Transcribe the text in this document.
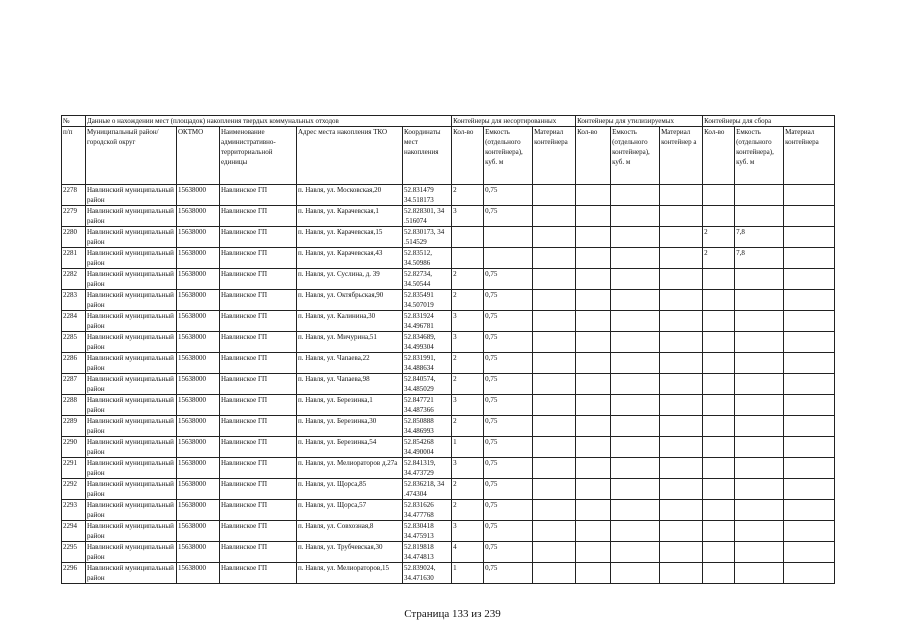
№	Данные о нахождении мест (площадок) накопления твердых коммунальных отходов					Контейнеры для несортированных			Контейнеры для утилизируемых			Контейнеры для сбора		
п/п	Муниципальный район/городской округ	ОКТМО	Наименование административно-территориальной единицы	Адрес места накопления ТКО	Координаты мест накопления	Кол-во	Емкость (отдельного контейнера), куб. м	Материал контейнера	Кол-во	Емкость (отдельного контейнера), куб. м	Материал контейнер а	Кол-во	Емкость (отдельного контейнера), куб. м	Материал контейнера
2278	Навлинский муниципальный район	15638000	Навлинское ГП	п. Навля, ул. Московская,20	52.831479 34.518173	2	0,75							
2279	Навлинский муниципальный район	15638000	Навлинское ГП	п. Навля, ул. Карачевская,1	52.828301, 34 .516074	3	0,75							
2280	Навлинский муниципальный район	15638000	Навлинское ГП	п. Навля, ул. Карачевская,15	52.830173, 34 .514529							2	7,8	
2281	Навлинский муниципальный район	15638000	Навлинское ГП	п. Навля, ул. Карачевская,43	52.83512, 34.50986							2	7,8	
2282	Навлинский муниципальный район	15638000	Навлинское ГП	п. Навля, ул. Суслина, д. 39	52.82734, 34.50544	2	0,75							
2283	Навлинский муниципальный район	15638000	Навлинское ГП	п. Навля, ул. Октябрьская,90	52.835491 34.507019	2	0,75							
2284	Навлинский муниципальный район	15638000	Навлинское ГП	п. Навля, ул. Калинина,30	52.831924 34.496781	3	0,75							
2285	Навлинский муниципальный район	15638000	Навлинское ГП	п. Навля, ул. Мичурина,51	52.834689, 34.499304	3	0,75							
2286	Навлинский муниципальный район	15638000	Навлинское ГП	п. Навля, ул. Чапаева,22	52.831991, 34.488634	2	0,75							
2287	Навлинский муниципальный район	15638000	Навлинское ГП	п. Навля, ул. Чапаева,98	52.840574, 34.485029	2	0,75							
2288	Навлинский муниципальный район	15638000	Навлинское ГП	п. Навля, ул. Березинка,1	52.847721 34.487366	3	0,75							
2289	Навлинский муниципальный район	15638000	Навлинское ГП	п. Навля, ул. Березинка,30	52.850888 34.486993	2	0,75							
2290	Навлинский муниципальный район	15638000	Навлинское ГП	п. Навля, ул. Березинка,54	52.854268 34.490004	1	0,75							
2291	Навлинский муниципальный район	15638000	Навлинское ГП	п. Навля, ул. Мелиораторов д.27а	52.841319, 34.473729	3	0,75							
2292	Навлинский муниципальный район	15638000	Навлинское ГП	п. Навля, ул. Щорса,85	52.836218, 34 .474304	2	0,75							
2293	Навлинский муниципальный район	15638000	Навлинское ГП	п. Навля, ул. Щорса,57	52.831626 34.477768	2	0,75							
2294	Навлинский муниципальный район	15638000	Навлинское ГП	п. Навля, ул. Совхозная,8	52.830418 34.475913	3	0,75							
2295	Навлинский муниципальный район	15638000	Навлинское ГП	п. Навля, ул. Трубчевская,30	52.819818 34.474813	4	0,75							
2296	Навлинский муниципальный район	15638000	Навлинское ГП	п. Навля, ул. Мелиораторов,15	52.839024, 34.471630	1	0,75							
Страница 133 из 239
